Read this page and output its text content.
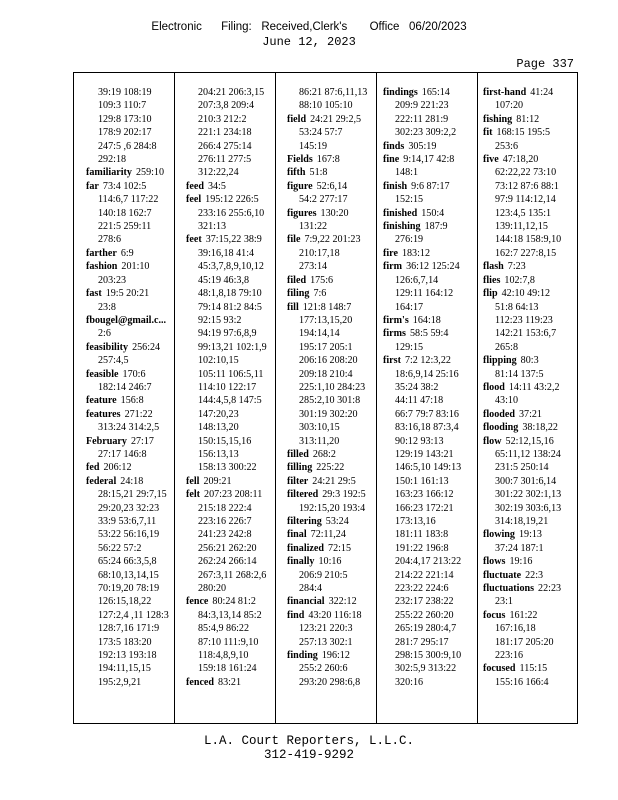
Electronic      Filing:   Received,Clerk's       Office   06/20/2023
June 12, 2023
Page 337
39:19 108:19
109:3 110:7
129:8 173:10
178:9 202:17
247:5 ,6 284:8
292:18
familiarity 259:10
far 73:4 102:5
114:6,7 117:22
140:18 162:7
221:5 259:11
278:6
farther 6:9
fashion 201:10
203:23
fast 19:5 20:21
23:8
fbougel@gmail.c...
2:6
feasibility 256:24
257:4,5
feasible 170:6
182:14 246:7
feature 156:8
features 271:22
313:24 314:2,5
February 27:17
27:17 146:8
fed 206:12
federal 24:18
28:15,21 29:7,15
29:20,23 32:23
33:9 53:6,7,11
53:22 56:16,19
56:22 57:2
65:24 66:3,5,8
68:10,13,14,15
70:19,20 78:19
126:15,18,22
127:2,4 ,11 128:3
128:7,16 171:9
173:5 183:20
192:13 193:18
194:11,15,15
195:2,9,21
204:21 206:3,15
207:3,8 209:4
210:3 212:2
221:1 234:18
266:4 275:14
276:11 277:5
312:22,24
feed 34:5
feel 195:12 226:5
233:16 255:6,10
321:13
feet 37:15,22 38:9
39:16,18 41:4
45:3,7,8,9,10,12
45:19 46:3,8
48:1,8,18 79:10
79:14 81:2 84:5
92:15 93:2
94:19 97:6,8,9
99:13,21 102:1,9
102:10,15
105:11 106:5,11
114:10 122:17
144:4,5,8 147:5
147:20,23
148:13,20
150:15,15,16
156:13,13
158:13 300:22
fell 209:21
felt 207:23 208:11
215:18 222:4
223:16 226:7
241:23 242:8
256:21 262:20
262:24 266:14
267:3,11 268:2,6
280:20
fence 80:24 81:2
84:3,13,14 85:2
85:4,9 86:22
87:10 111:9,10
118:4,8,9,10
159:18 161:24
fenced 83:21
86:21 87:6,11,13
88:10 105:10
field 24:21 29:2,5
53:24 57:7
145:19
Fields 167:8
fifth 51:8
figure 52:6,14
54:2 277:17
figures 130:20
131:22
file 7:9,22 201:23
210:17,18
273:14
filed 175:6
filing 7:6
fill 121:8 148:7
177:13,15,20
194:14,14
195:17 205:1
206:16 208:20
209:18 210:4
225:1,10 284:23
285:2,10 301:8
301:19 302:20
303:10,15
313:11,20
filled 268:2
filling 225:22
filter 24:21 29:5
filtered 29:3 192:5
192:15,20 193:4
filtering 53:24
final 72:11,24
finalized 72:15
finally 10:16
206:9 210:5
284:4
financial 322:12
find 43:20 116:18
123:21 220:3
257:13 302:1
finding 196:12
255:2 260:6
293:20 298:6,8
findings 165:14
209:9 221:23
222:11 281:9
302:23 309:2,2
finds 305:19
fine 9:14,17 42:8
148:1
finish 9:6 87:17
152:15
finished 150:4
finishing 187:9
276:19
fire 183:12
firm 36:12 125:24
126:6,7,14
129:11 164:12
164:17
firm's 164:18
firms 58:5 59:4
129:15
first 7:2 12:3,22
18:6,9,14 25:16
35:24 38:2
44:11 47:18
66:7 79:7 83:16
83:16,18 87:3,4
90:12 93:13
129:19 143:21
146:5,10 149:13
150:1 161:13
163:23 166:12
166:23 172:21
173:13,16
181:11 183:8
191:22 196:8
204:4,17 213:22
214:22 221:14
223:22 224:6
232:17 238:22
255:22 260:20
265:19 280:4,7
281:7 295:17
298:15 300:9,10
302:5,9 313:22
320:16
first-hand 41:24
107:20
fishing 81:12
fit 168:15 195:5
253:6
five 47:18,20
62:22,22 73:10
73:12 87:6 88:1
97:9 114:12,14
123:4,5 135:1
139:11,12,15
144:18 158:9,10
162:7 227:8,15
flash 7:23
flies 102:7,8
flip 42:10 49:12
51:8 64:13
112:23 119:23
142:21 153:6,7
265:8
flipping 80:3
81:14 137:5
flood 14:11 43:2,2
43:10
flooded 37:21
flooding 38:18,22
flow 52:12,15,16
65:11,12 138:24
231:5 250:14
300:7 301:6,14
301:22 302:1,13
302:19 303:6,13
314:18,19,21
flowing 19:13
37:24 187:1
flows 19:16
fluctuate 22:3
fluctuations 22:23
23:1
focus 161:22
167:16,18
181:17 205:20
223:16
focused 115:15
155:16 166:4
L.A. Court Reporters, L.L.C.
312-419-9292
